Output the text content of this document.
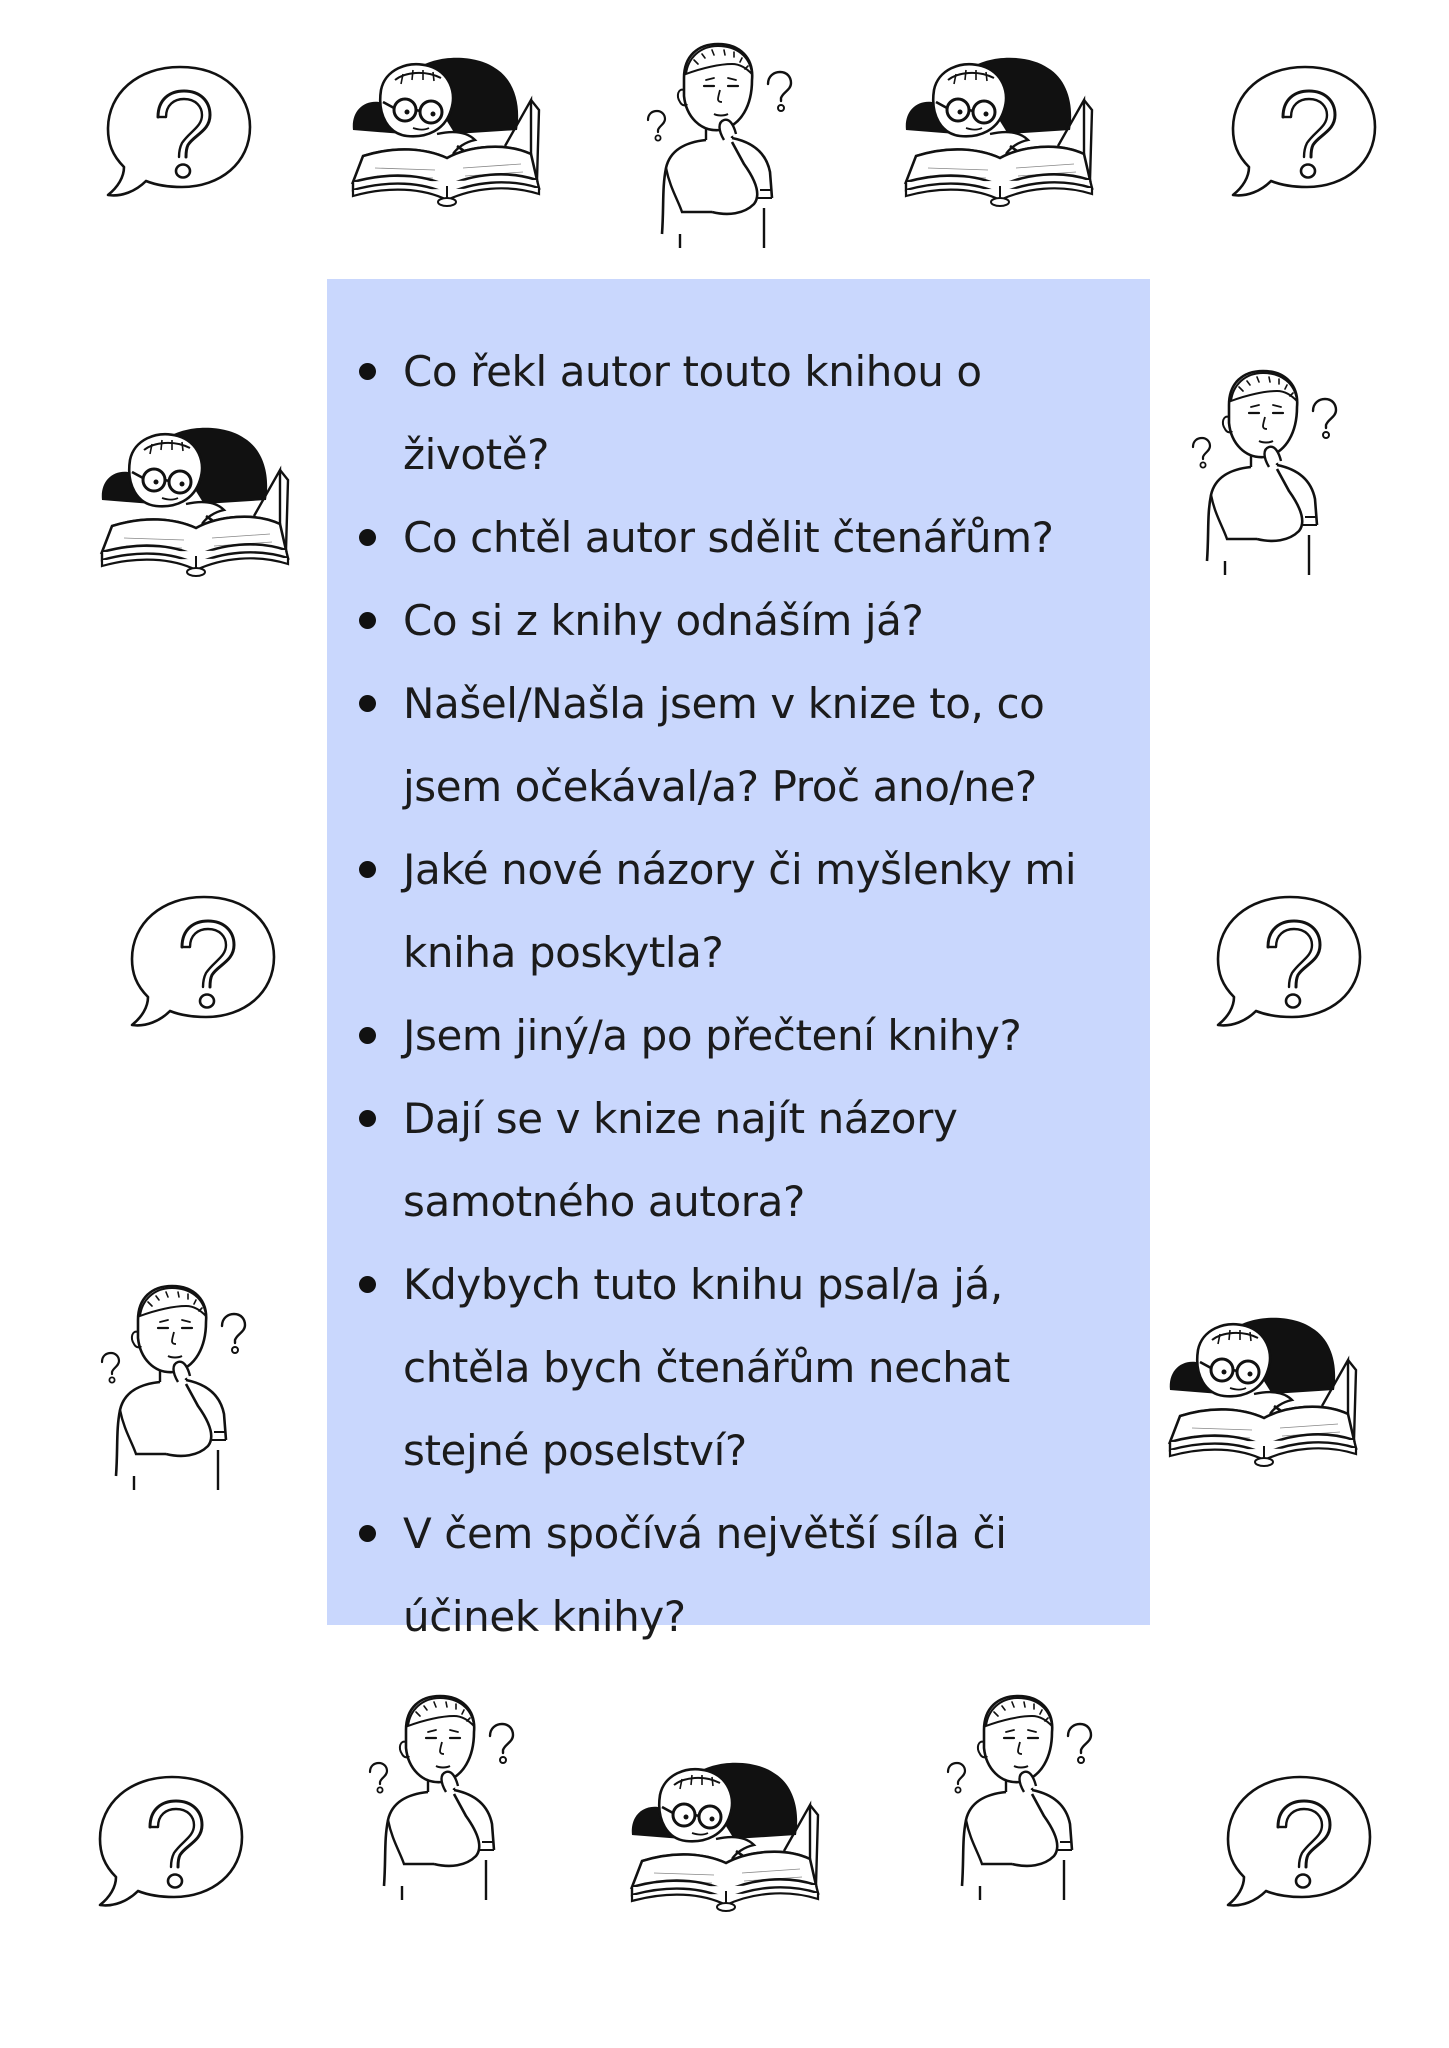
Co řekl autor touto knihou o životě?
Co chtěl autor sdělit čtenářům?
Co si z knihy odnáším já?
Našel/Našla jsem v knize to, co jsem očekával/a? Proč ano/ne?
Jaké nové názory či myšlenky mi kniha poskytla?
Jsem jiný/a po přečtení knihy?
Dají se v knize najít názory samotného autora?
Kdybych tuto knihu psal/a já, chtěla bych čtenářům nechat stejné poselství?
V čem spočívá největší síla či účinek knihy?
